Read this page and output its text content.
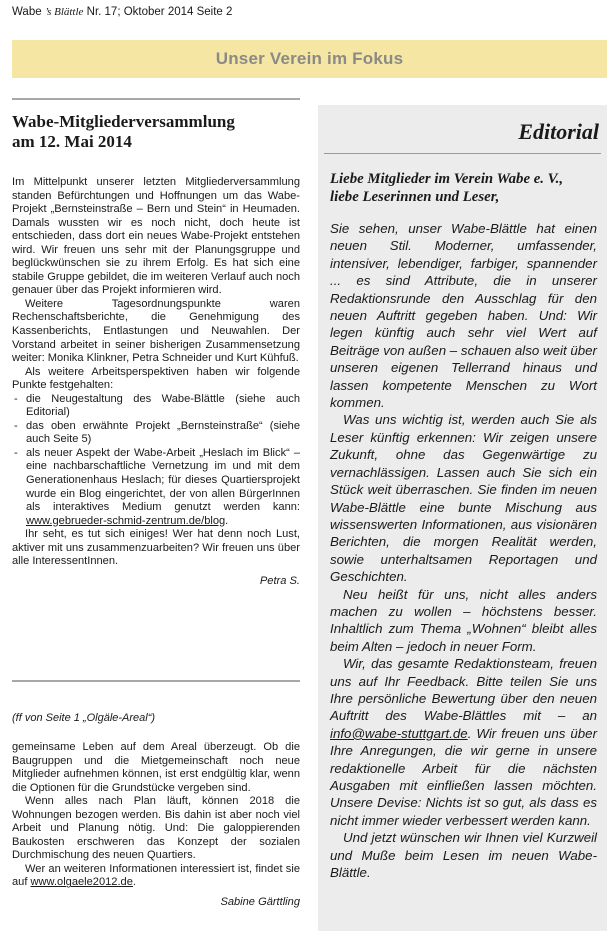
Wabe ’s Blättle Nr. 17; Oktober 2014 Seite 2
Unser Verein im Fokus
Wabe-Mitgliederversammlung
am 12. Mai 2014

Im Mittelpunkt unserer letzten Mitgliederversammlung standen Befürchtungen und Hoffnungen um das Wabe-Projekt „Bernsteinstraße – Bern und Stein“ in Heumaden. Damals wussten wir es noch nicht, doch heute ist entschieden, dass dort ein neues Wabe-Projekt entstehen wird. Wir freuen uns sehr mit der Planungsgruppe und beglückwünschen sie zu ihrem Erfolg. Es hat sich eine stabile Gruppe gebildet, die im weiteren Verlauf auch noch genauer über das Projekt informieren wird.

Weitere Tagesordnungspunkte waren Rechenschaftsberichte, die Genehmigung des Kassenberichts, Entlastungen und Neuwahlen. Der Vorstand arbeitet in seiner bisherigen Zusammensetzung weiter: Monika Klinkner, Petra Schneider und Kurt Kühfuß.

Als weitere Arbeitsperspektiven haben wir folgende Punkte festgehalten:

- die Neugestaltung des Wabe-Blättle (siehe auch Editorial)
- das oben erwähnte Projekt „Bernsteinstraße“ (siehe auch Seite 5)
- als neuer Aspekt der Wabe-Arbeit „Heslach im Blick“ – eine nachbarschaftliche Vernetzung im und mit dem Generationenhaus Heslach; für dieses Quartiersprojekt wurde ein Blog eingerichtet, der von allen BürgerInnen als interaktives Medium genutzt werden kann: www.gebrueder-schmid-zentrum.de/blog.

Ihr seht, es tut sich einiges! Wer hat denn noch Lust, aktiver mit uns zusammenzuarbeiten? Wir freuen uns über alle InteressentInnen.

Petra S.

(ff von Seite 1 „Olgäle-Areal“)

gemeinsame Leben auf dem Areal überzeugt. Ob die Baugruppen und die Mietgemeinschaft noch neue Mitglieder aufnehmen können, ist erst endgültig klar, wenn die Optionen für die Grundstücke vergeben sind.

Wenn alles nach Plan läuft, können 2018 die Wohnungen bezogen werden. Bis dahin ist aber noch viel Arbeit und Planung nötig. Und: Die galoppierenden Baukosten erschweren das Konzept der sozialen Durchmischung des neuen Quartiers.

Wer an weiteren Informationen interessiert ist, findet sie auf www.olgaele2012.de.

Sabine Gärttling

Editorial
Liebe Mitglieder im Verein Wabe e. V.,
liebe Leserinnen und Leser,

Sie sehen, unser Wabe-Blättle hat einen neuen Stil. Moderner, umfassender, intensiver, lebendiger, farbiger, spannender ... es sind Attribute, die in unserer Redaktionsrunde den Ausschlag für den neuen Auftritt gegeben haben. Und: Wir legen künftig auch sehr viel Wert auf Beiträge von außen – schauen also weit über unseren eigenen Tellerrand hinaus und lassen kompetente Menschen zu Wort kommen.

Was uns wichtig ist, werden auch Sie als Leser künftig erkennen: Wir zeigen unsere Zukunft, ohne das Gegenwärtige zu vernachlässigen. Lassen auch Sie sich ein Stück weit überraschen. Sie finden im neuen Wabe-Blättle eine bunte Mischung aus wissenswerten Informationen, aus visionären Berichten, die morgen Realität werden, sowie unterhaltsamen Reportagen und Geschichten.

Neu heißt für uns, nicht alles anders machen zu wollen – höchstens besser. Inhaltlich zum Thema „Wohnen“ bleibt alles beim Alten – jedoch in neuer Form.

Wir, das gesamte Redaktionsteam, freuen uns auf Ihr Feedback. Bitte teilen Sie uns Ihre persönliche Bewertung über den neuen Auftritt des Wabe-Blättles mit – an info@wabe-stuttgart.de. Wir freuen uns über Ihre Anregungen, die wir gerne in unsere redaktionelle Arbeit für die nächsten Ausgaben mit einfließen lassen möchten. Unsere Devise: Nichts ist so gut, als dass es nicht immer wieder verbessert werden kann.

Und jetzt wünschen wir Ihnen viel Kurzweil und Muße beim Lesen im neuen Wabe-Blättle.
